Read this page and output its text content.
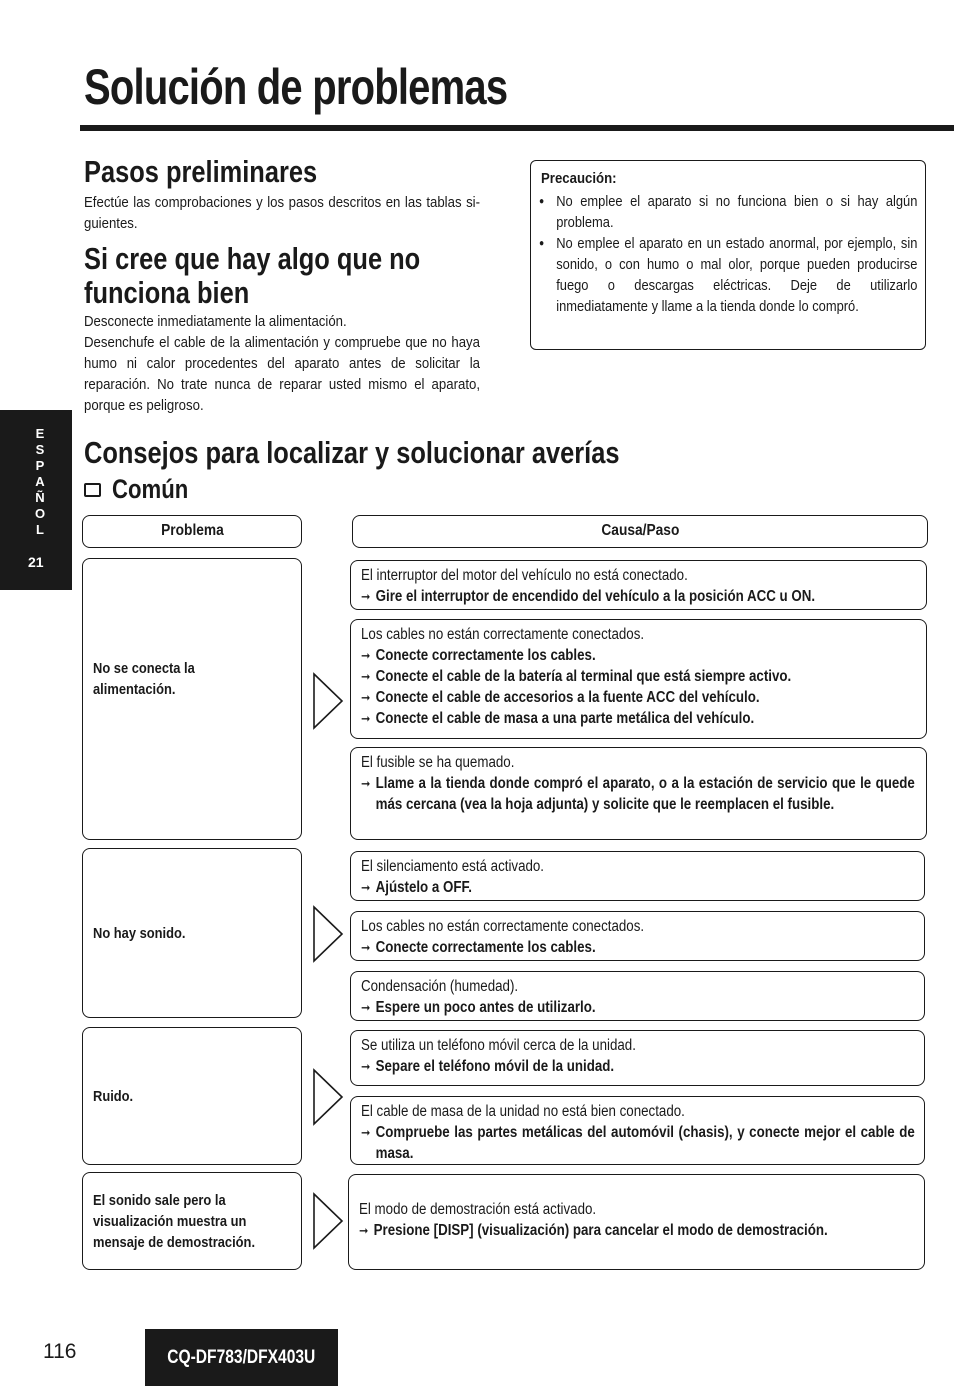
Solución de problemas
Pasos preliminares

Efectúe las comprobaciones y los pasos descritos en las tablas si-guientes.

Si cree que hay algo que no
funciona bien

Desconecte inmediatamente la alimentación.

Desenchufe el cable de la alimentación y compruebe que no haya humo ni calor procedentes del aparato antes de solicitar la reparación. No trate nunca de reparar usted mismo el aparato, porque es peligroso.

Precaución:
● No emplee el aparato si no funciona bien o si hay algún problema.
● No emplee el aparato en un estado anormal, por ejemplo, sin sonido, o con humo o mal olor, porque pueden producirse fuego o descargas eléctricas. Deje de utilizarlo inmediatamente y llame a la tienda donde lo compró.
E
S
P
A
Ñ
O
L
21
Consejos para localizar y solucionar averías
Común
Problema	Causa/Paso
No se conecta la
alimentación.
No hay sonido.
Ruido.
El sonido sale pero la
visualización muestra un
mensaje de demostración.

El interruptor del motor del vehículo no está conectado.

➞ Gire el interruptor de encendido del vehículo a la posición ACC u ON.

Los cables no están correctamente conectados.

➞ Conecte correctamente los cables.

➞ Conecte el cable de la batería al terminal que está siempre activo.

➞ Conecte el cable de accesorios a la fuente ACC del vehículo.

➞ Conecte el cable de masa a una parte metálica del vehículo.

El fusible se ha quemado.

➞ Llame a la tienda donde compró el aparato, o a la estación de servicio que le quede más cercana (vea la hoja adjunta) y solicite que le reemplacen el fusible.

El silenciamento está activado.

➞ Ajústelo a OFF.

Los cables no están correctamente conectados.

➞ Conecte correctamente los cables.

Condensación (humedad).

➞ Espere un poco antes de utilizarlo.

Se utiliza un teléfono móvil cerca de la unidad.

➞ Separe el teléfono móvil de la unidad.

El cable de masa de la unidad no está bien conectado.

➞ Compruebe las partes metálicas del automóvil (chasis), y conecte mejor el cable de masa.

El modo de demostración está activado.

➞ Presione [DISP] (visualización) para cancelar el modo de demostración.

116	CQ-DF783/DFX403U
